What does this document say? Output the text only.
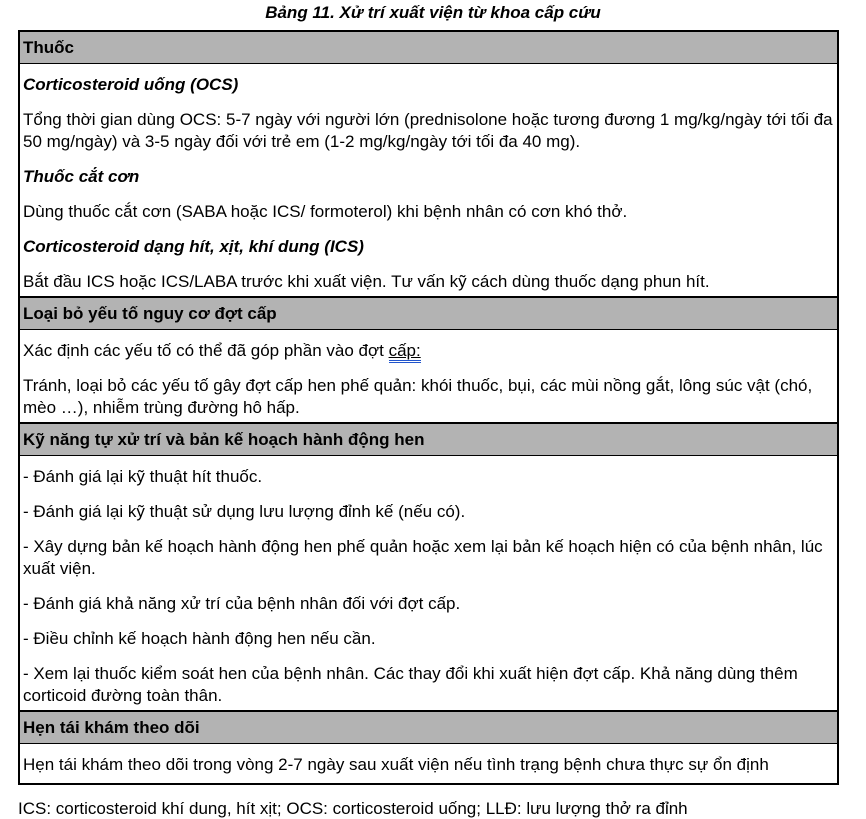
Bảng 11. Xử trí xuất viện từ khoa cấp cứu
Thuốc
Corticosteroid uống (OCS)
Tổng thời gian dùng OCS: 5-7 ngày với người lớn (prednisolone hoặc tương đương 1 mg/kg/ngày tới tối đa 50 mg/ngày) và 3-5 ngày đối với trẻ em (1-2 mg/kg/ngày tới tối đa 40 mg).
Thuốc cắt cơn
Dùng thuốc cắt cơn (SABA hoặc ICS/ formoterol) khi bệnh nhân có cơn khó thở.
Corticosteroid dạng hít, xịt, khí dung (ICS)
Bắt đầu ICS hoặc ICS/LABA trước khi xuất viện. Tư vấn kỹ cách dùng thuốc dạng phun hít.
Loại bỏ yếu tố nguy cơ đợt cấp
Xác định các yếu tố có thể đã góp phần vào đợt cấp:
Tránh, loại bỏ các yếu tố gây đợt cấp hen phế quản: khói thuốc, bụi, các mùi nồng gắt, lông súc vật (chó, mèo …), nhiễm trùng đường hô hấp.
Kỹ năng tự xử trí và bản kế hoạch hành động hen
- Đánh giá lại kỹ thuật hít thuốc.
- Đánh giá lại kỹ thuật sử dụng lưu lượng đỉnh kế (nếu có).
- Xây dựng bản kế hoạch hành động hen phế quản hoặc xem lại bản kế hoạch hiện có của bệnh nhân, lúc xuất viện.
- Đánh giá khả năng xử trí của bệnh nhân đối với đợt cấp.
- Điều chỉnh kế hoạch hành động hen nếu cần.
- Xem lại thuốc kiểm soát hen của bệnh nhân. Các thay đổi khi xuất hiện đợt cấp. Khả năng dùng thêm corticoid đường toàn thân.
Hẹn tái khám theo dõi
Hẹn tái khám theo dõi trong vòng 2-7 ngày sau xuất viện nếu tình trạng bệnh chưa thực sự ổn định
ICS: corticosteroid khí dung, hít xịt; OCS: corticosteroid uống; LLĐ: lưu lượng thở ra đỉnh
